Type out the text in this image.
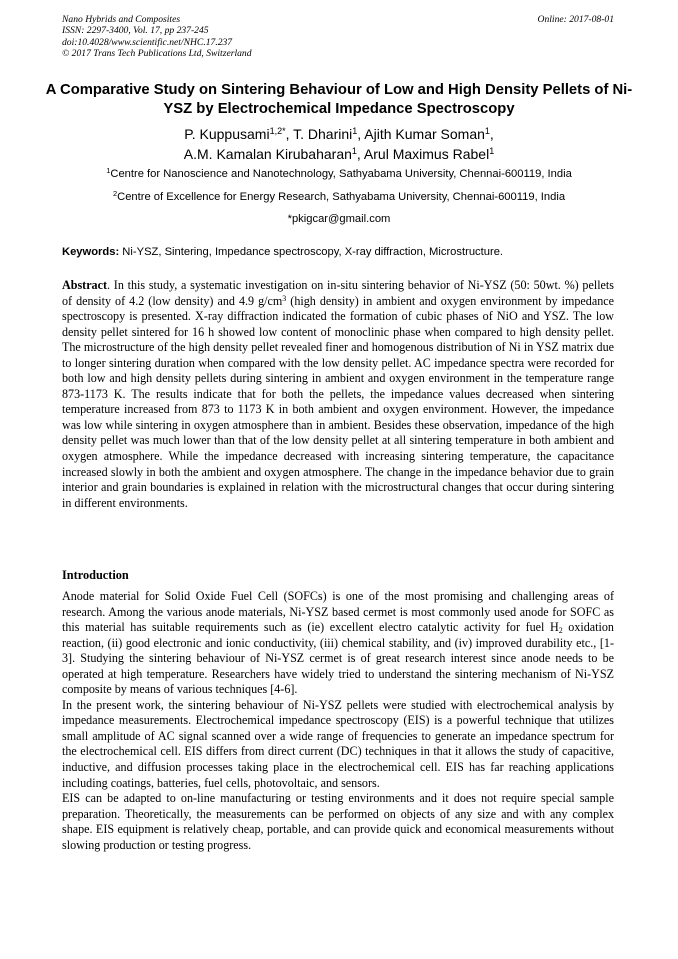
Nano Hybrids and Composites
ISSN: 2297-3400, Vol. 17, pp 237-245
doi:10.4028/www.scientific.net/NHC.17.237
© 2017 Trans Tech Publications Ltd, Switzerland
Online: 2017-08-01
A Comparative Study on Sintering Behaviour of Low and High Density Pellets of Ni-YSZ by Electrochemical Impedance Spectroscopy
P. Kuppusami$^{1,2*}$, T. Dharini$^1$, Ajith Kumar Soman$^1$,
A.M. Kamalan Kirubaharan$^1$, Arul Maximus Rabel$^1$
$^1$Centre for Nanoscience and Nanotechnology, Sathyabama University, Chennai-600119, India
$^2$Centre of Excellence for Energy Research, Sathyabama University, Chennai-600119, India
*pkigcar@gmail.com
Keywords: Ni-YSZ, Sintering, Impedance spectroscopy, X-ray diffraction, Microstructure.
Abstract. In this study, a systematic investigation on in-situ sintering behavior of Ni-YSZ (50: 50wt. %) pellets of density of 4.2 (low density) and 4.9 $g/cm^3$ (high density) in ambient and oxygen environment by impedance spectroscopy is presented. X-ray diffraction indicated the formation of cubic phases of NiO and YSZ. The low density pellet sintered for 16 h showed low content of monoclinic phase when compared to high density pellet. The microstructure of the high density pellet revealed finer and homogenous distribution of Ni in YSZ matrix due to longer sintering duration when compared with the low density pellet. AC impedance spectra were recorded for both low and high density pellets during sintering in ambient and oxygen environment in the temperature range 873-1173 K. The results indicate that for both the pellets, the impedance values decreased when sintering temperature increased from 873 to 1173 K in both ambient and oxygen environment. However, the impedance was low while sintering in oxygen atmosphere than in ambient. Besides these observation, impedance of the high density pellet was much lower than that of the low density pellet at all sintering temperature in both ambient and oxygen atmosphere. While the impedance decreased with increasing sintering temperature, the capacitance increased slowly in both the ambient and oxygen atmosphere. The change in the impedance behavior due to grain interior and grain boundaries is explained in relation with the microstructural changes that occur during sintering in different environments.
Introduction

Anode material for Solid Oxide Fuel Cell (SOFCs) is one of the most promising and challenging areas of research. Among the various anode materials, Ni-YSZ based cermet is most commonly used anode for SOFC as this material has suitable requirements such as (ie) excellent electro catalytic activity for fuel $H_2$ oxidation reaction, (ii) good electronic and ionic conductivity, (iii) chemical stability, and (iv) improved durability etc., [1-3]. Studying the sintering behaviour of Ni-YSZ cermet is of great research interest since anode needs to be operated at high temperature. Researchers have widely tried to understand the sintering mechanism of Ni-YSZ composite by means of various techniques [4-6].

In the present work, the sintering behaviour of Ni-YSZ pellets were studied with electrochemical analysis by impedance measurements. Electrochemical impedance spectroscopy (EIS) is a powerful technique that utilizes small amplitude of AC signal scanned over a wide range of frequencies to generate an impedance spectrum for the electrochemical cell. EIS differs from direct current (DC) techniques in that it allows the study of capacitive, inductive, and diffusion processes taking place in the electrochemical cell. EIS has far reaching applications including coatings, batteries, fuel cells, photovoltaic, and sensors.

EIS can be adapted to on-line manufacturing or testing environments and it does not require special sample preparation. Theoretically, the measurements can be performed on objects of any size and with any complex shape. EIS equipment is relatively cheap, portable, and can provide quick and economical measurements without slowing production or testing progress.
